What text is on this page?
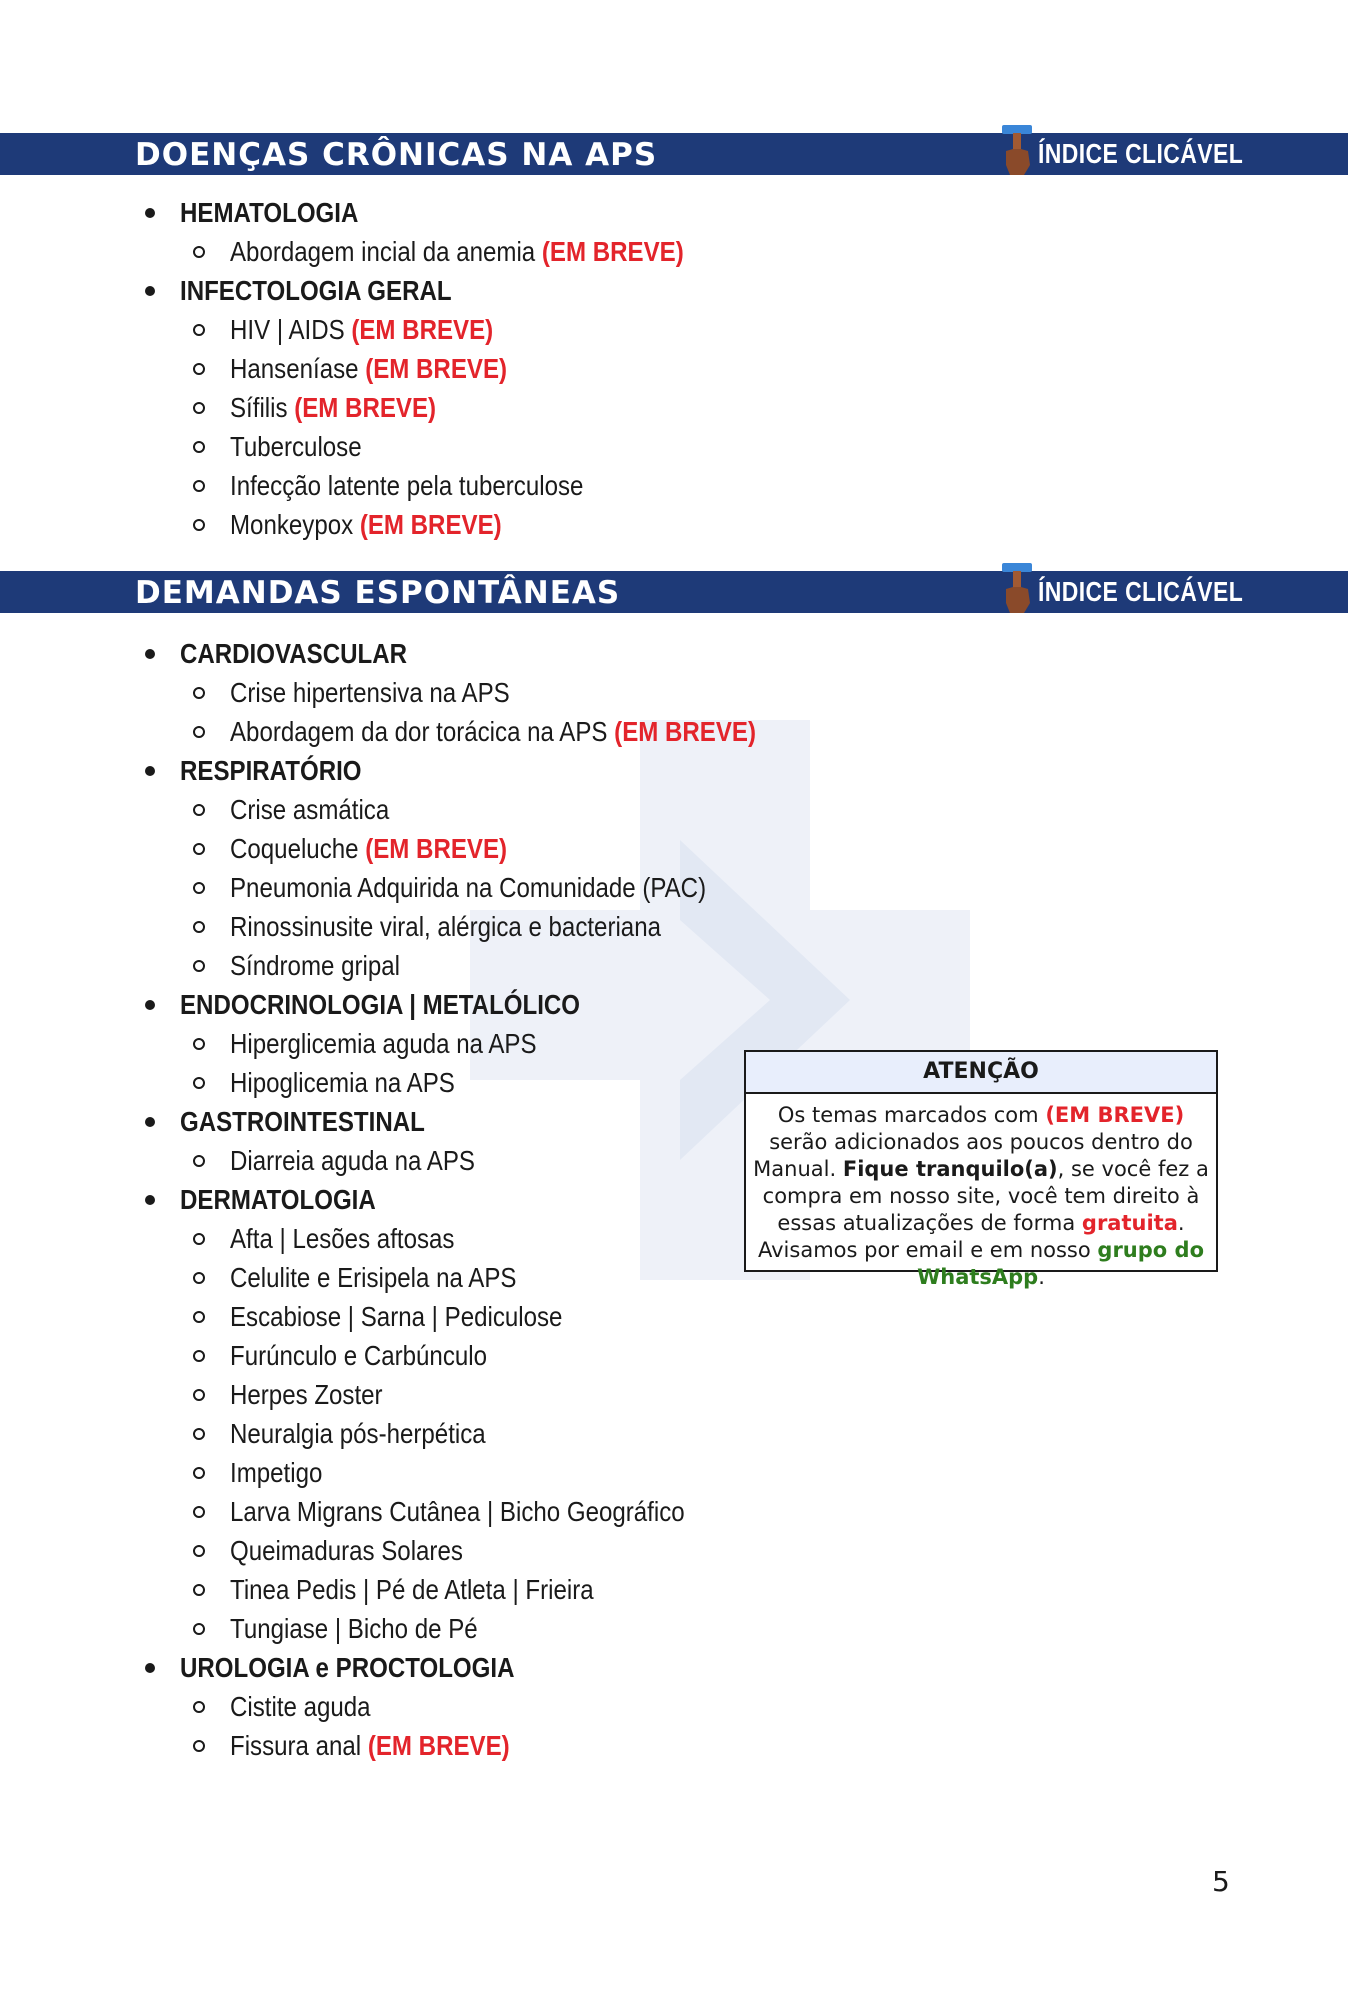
DOENÇAS CRÔNICAS NA APS	ÍNDICE CLICÁVEL
HEMATOLOGIA
Abordagem incial da anemia (EM BREVE)
INFECTOLOGIA GERAL
HIV | AIDS (EM BREVE)
Hanseníase (EM BREVE)
Sífilis (EM BREVE)
Tuberculose
Infecção latente pela tuberculose
Monkeypox (EM BREVE)
DEMANDAS ESPONTÂNEAS	ÍNDICE CLICÁVEL
CARDIOVASCULAR
Crise hipertensiva na APS
Abordagem da dor torácica na APS (EM BREVE)
RESPIRATÓRIO
Crise asmática
Coqueluche (EM BREVE)
Pneumonia Adquirida na Comunidade (PAC)
Rinossinusite viral, alérgica e bacteriana
Síndrome gripal
ENDOCRINOLOGIA | METALÓLICO
Hiperglicemia aguda na APS
Hipoglicemia na APS
GASTROINTESTINAL
Diarreia aguda na APS
DERMATOLOGIA
Afta | Lesões aftosas
Celulite e Erisipela na APS
Escabiose | Sarna | Pediculose
Furúnculo e Carbúnculo
Herpes Zoster
Neuralgia pós-herpética
Impetigo
Larva Migrans Cutânea | Bicho Geográfico
Queimaduras Solares
Tinea Pedis | Pé de Atleta | Frieira
Tungiase | Bicho de Pé
UROLOGIA e PROCTOLOGIA
Cistite aguda
Fissura anal (EM BREVE)
ATENÇÃO
Os temas marcados com (EM BREVE) serão adicionados aos poucos dentro do Manual. Fique tranquilo(a), se você fez a compra em nosso site, você tem direito à essas atualizações de forma gratuita. Avisamos por email e em nosso grupo do WhatsApp.
5
